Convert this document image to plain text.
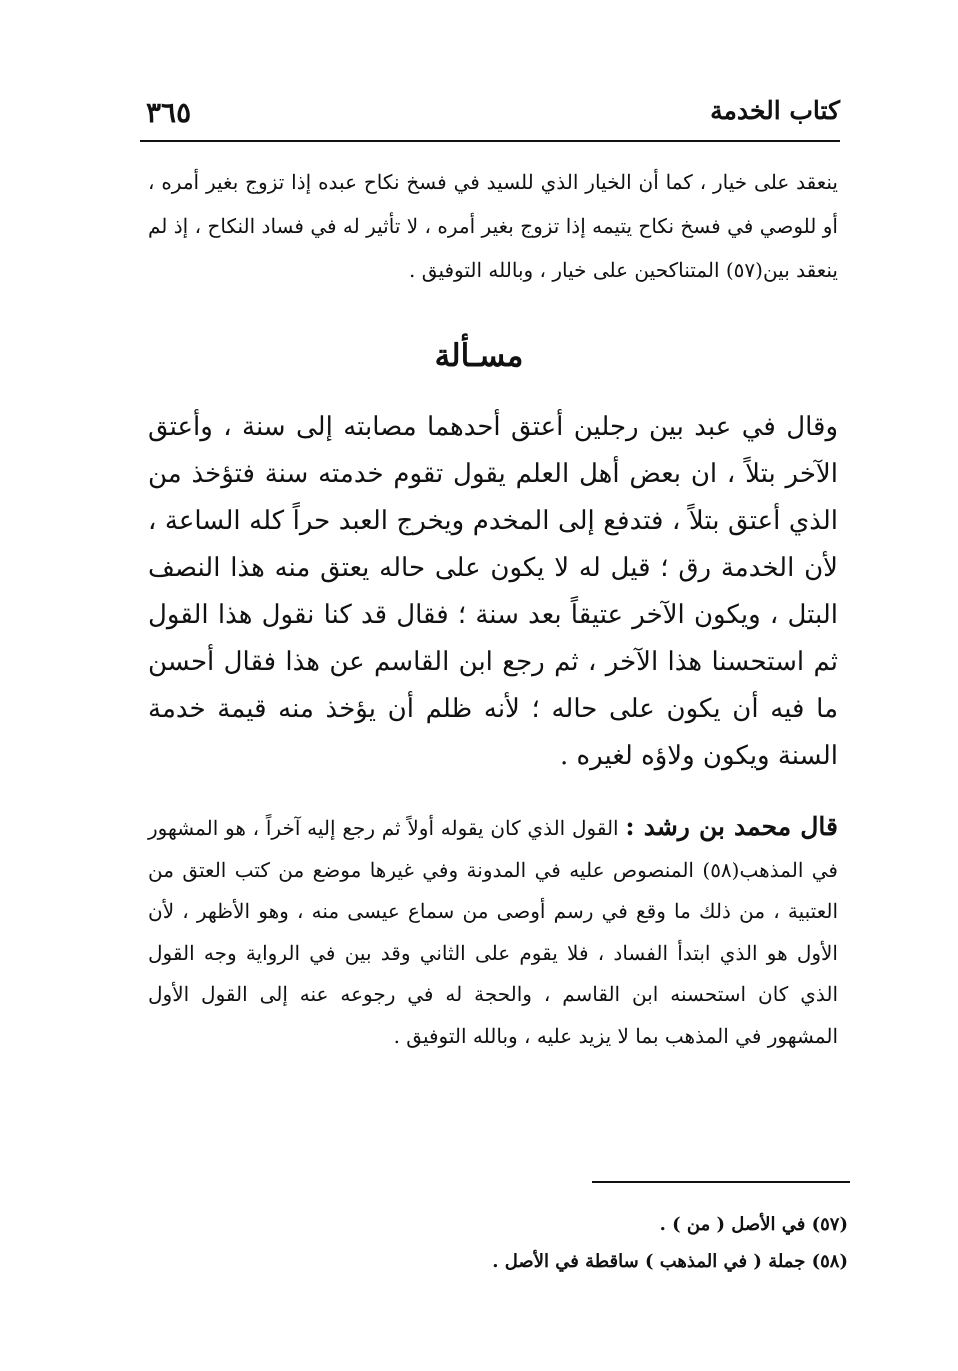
كتاب الخدمة
٣٦٥

ينعقد على خيار ، كما أن الخيار الذي للسيد في فسخ نكاح عبده إذا تزوج بغير أمره ، أو للوصي في فسخ نكاح يتيمه إذا تزوج بغير أمره ، لا تأثير له في فساد النكاح ، إذ لم ينعقد بين(٥٧) المتناكحين على خيار ، وبالله التوفيق .

مسـألة

وقال في عبد بين رجلين أعتق أحدهما مصابته إلى سنة ، وأعتق الآخر بتلاً ، ان بعض أهل العلم يقول تقوم خدمته سنة فتؤخذ من الذي أعتق بتلاً ، فتدفع إلى المخدم ويخرج العبد حراً كله الساعة ، لأن الخدمة رق ؛ قيل له لا يكون على حاله يعتق منه هذا النصف البتل ، ويكون الآخر عتيقاً بعد سنة ؛ فقال قد كنا نقول هذا القول ثم استحسنا هذا الآخر ، ثم رجع ابن القاسم عن هذا فقال أحسن ما فيه أن يكون على حاله ؛ لأنه ظلم أن يؤخذ منه قيمة خدمة السنة ويكون ولاؤه لغيره .

قال محمد بن رشد : القول الذي كان يقوله أولاً ثم رجع إليه آخراً ، هو المشهور في المذهب(٥٨) المنصوص عليه في المدونة وفي غيرها موضع من كتب العتق من العتبية ، من ذلك ما وقع في رسم أوصى من سماع عيسى منه ، وهو الأظهر ، لأن الأول هو الذي ابتدأ الفساد ، فلا يقوم على الثاني وقد بين في الرواية وجه القول الذي كان استحسنه ابن القاسم ، والحجة له في رجوعه عنه إلى القول الأول المشهور في المذهب بما لا يزيد عليه ، وبالله التوفيق .

(٥٧) في الأصل ( من ) .
(٥٨) جملة ( في المذهب ) ساقطة في الأصل .
